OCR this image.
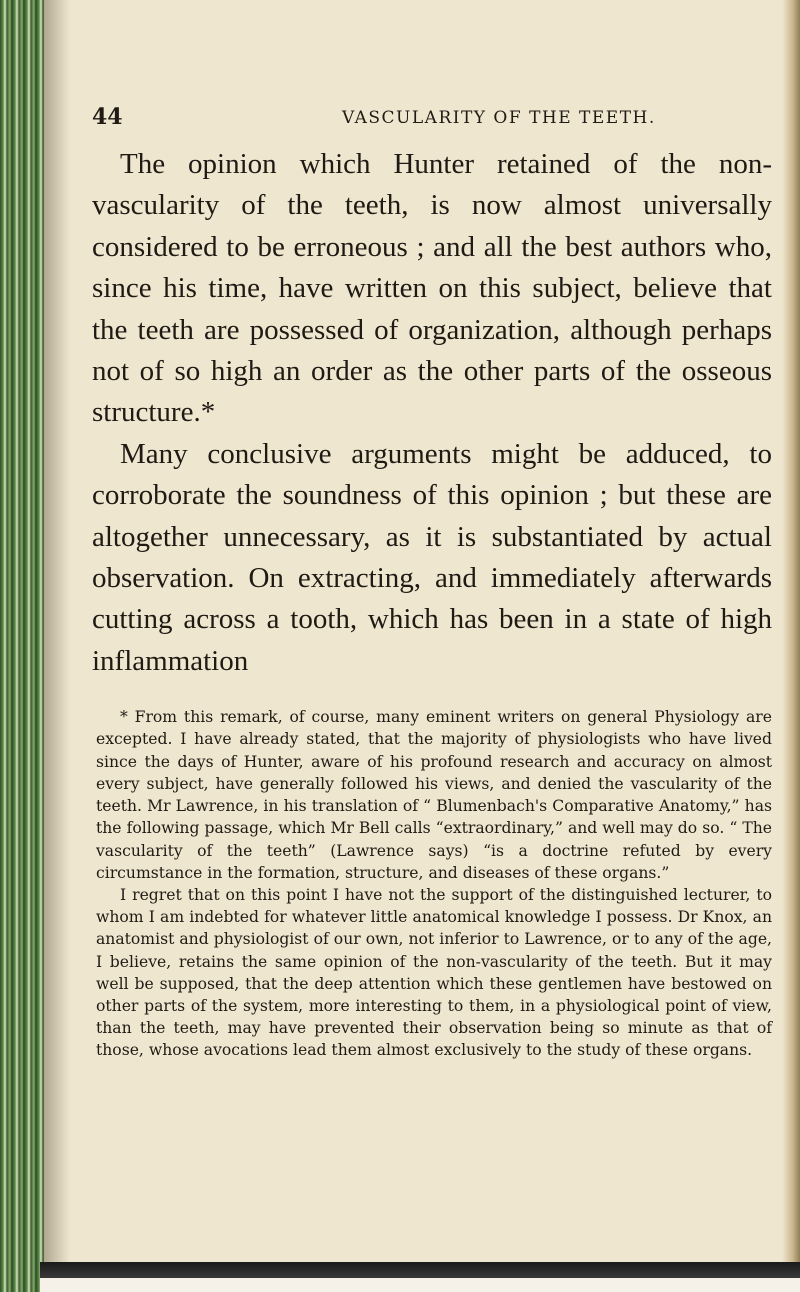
44	VASCULARITY OF THE TEETH.

The opinion which Hunter retained of the non-vascularity of the teeth, is now almost universally considered to be erroneous ; and all the best authors who, since his time, have written on this subject, believe that the teeth are possessed of organization, although perhaps not of so high an order as the other parts of the osseous structure.*

Many conclusive arguments might be adduced, to corroborate the soundness of this opinion ; but these are altogether unnecessary, as it is substantiated by actual observation. On extracting, and immediately afterwards cutting across a tooth, which has been in a state of high inflammation

* From this remark, of course, many eminent writers on general Physiology are excepted. I have already stated, that the majority of physiologists who have lived since the days of Hunter, aware of his profound research and accuracy on almost every subject, have generally followed his views, and denied the vascularity of the teeth. Mr Lawrence, in his translation of “ Blumenbach's Comparative Anatomy,” has the following passage, which Mr Bell calls “extraordinary,” and well may do so. “ The vascularity of the teeth” (Lawrence says) “is a doctrine refuted by every circumstance in the formation, structure, and diseases of these organs.”

I regret that on this point I have not the support of the distinguished lecturer, to whom I am indebted for whatever little anatomical knowledge I possess. Dr Knox, an anatomist and physiologist of our own, not inferior to Lawrence, or to any of the age, I believe, retains the same opinion of the non-vascularity of the teeth. But it may well be supposed, that the deep attention which these gentlemen have bestowed on other parts of the system, more interesting to them, in a physiological point of view, than the teeth, may have prevented their observation being so minute as that of those, whose avocations lead them almost exclusively to the study of these organs.
